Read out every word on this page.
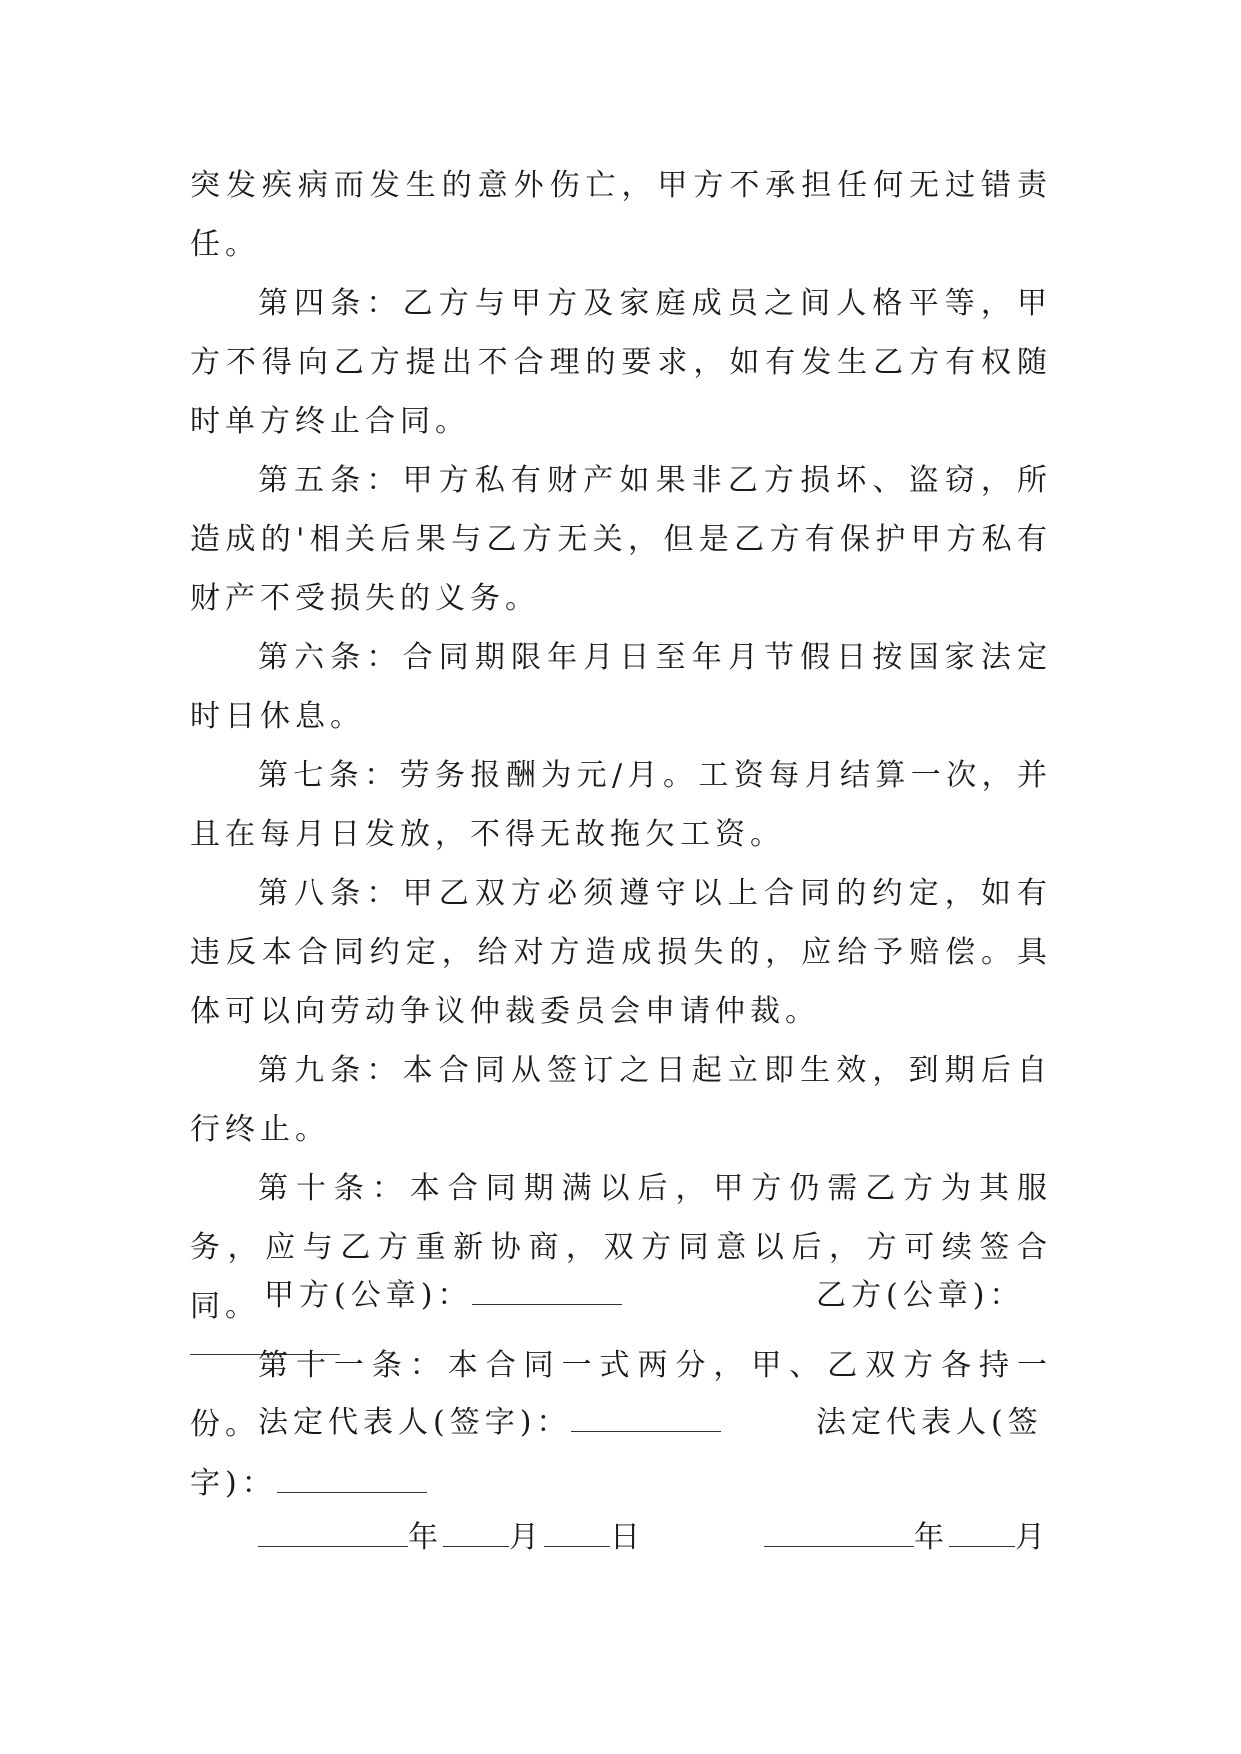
突发疾病而发生的意外伤亡，甲方不承担任何无过错责任。

第四条：乙方与甲方及家庭成员之间人格平等，甲方不得向乙方提出不合理的要求，如有发生乙方有权随时单方终止合同。

第五条：甲方私有财产如果非乙方损坏、盗窃，所造成的'相关后果与乙方无关，但是乙方有保护甲方私有财产不受损失的义务。

第六条：合同期限年月日至年月节假日按国家法定时日休息。

第七条：劳务报酬为元/月。工资每月结算一次，并且在每月日发放，不得无故拖欠工资。

第八条：甲乙双方必须遵守以上合同的约定，如有违反本合同约定，给对方造成损失的，应给予赔偿。具体可以向劳动争议仲裁委员会申请仲裁。

第九条：本合同从签订之日起立即生效，到期后自行终止。

第十条：本合同期满以后，甲方仍需乙方为其服务，应与乙方重新协商，双方同意以后，方可续签合同。

第十一条：本合同一式两分，甲、乙双方各持一份。

甲方(公章)：	乙方(公章)：
法定代表人(签字)：	法定代表人(签
字)：
年 月 日	年 月
